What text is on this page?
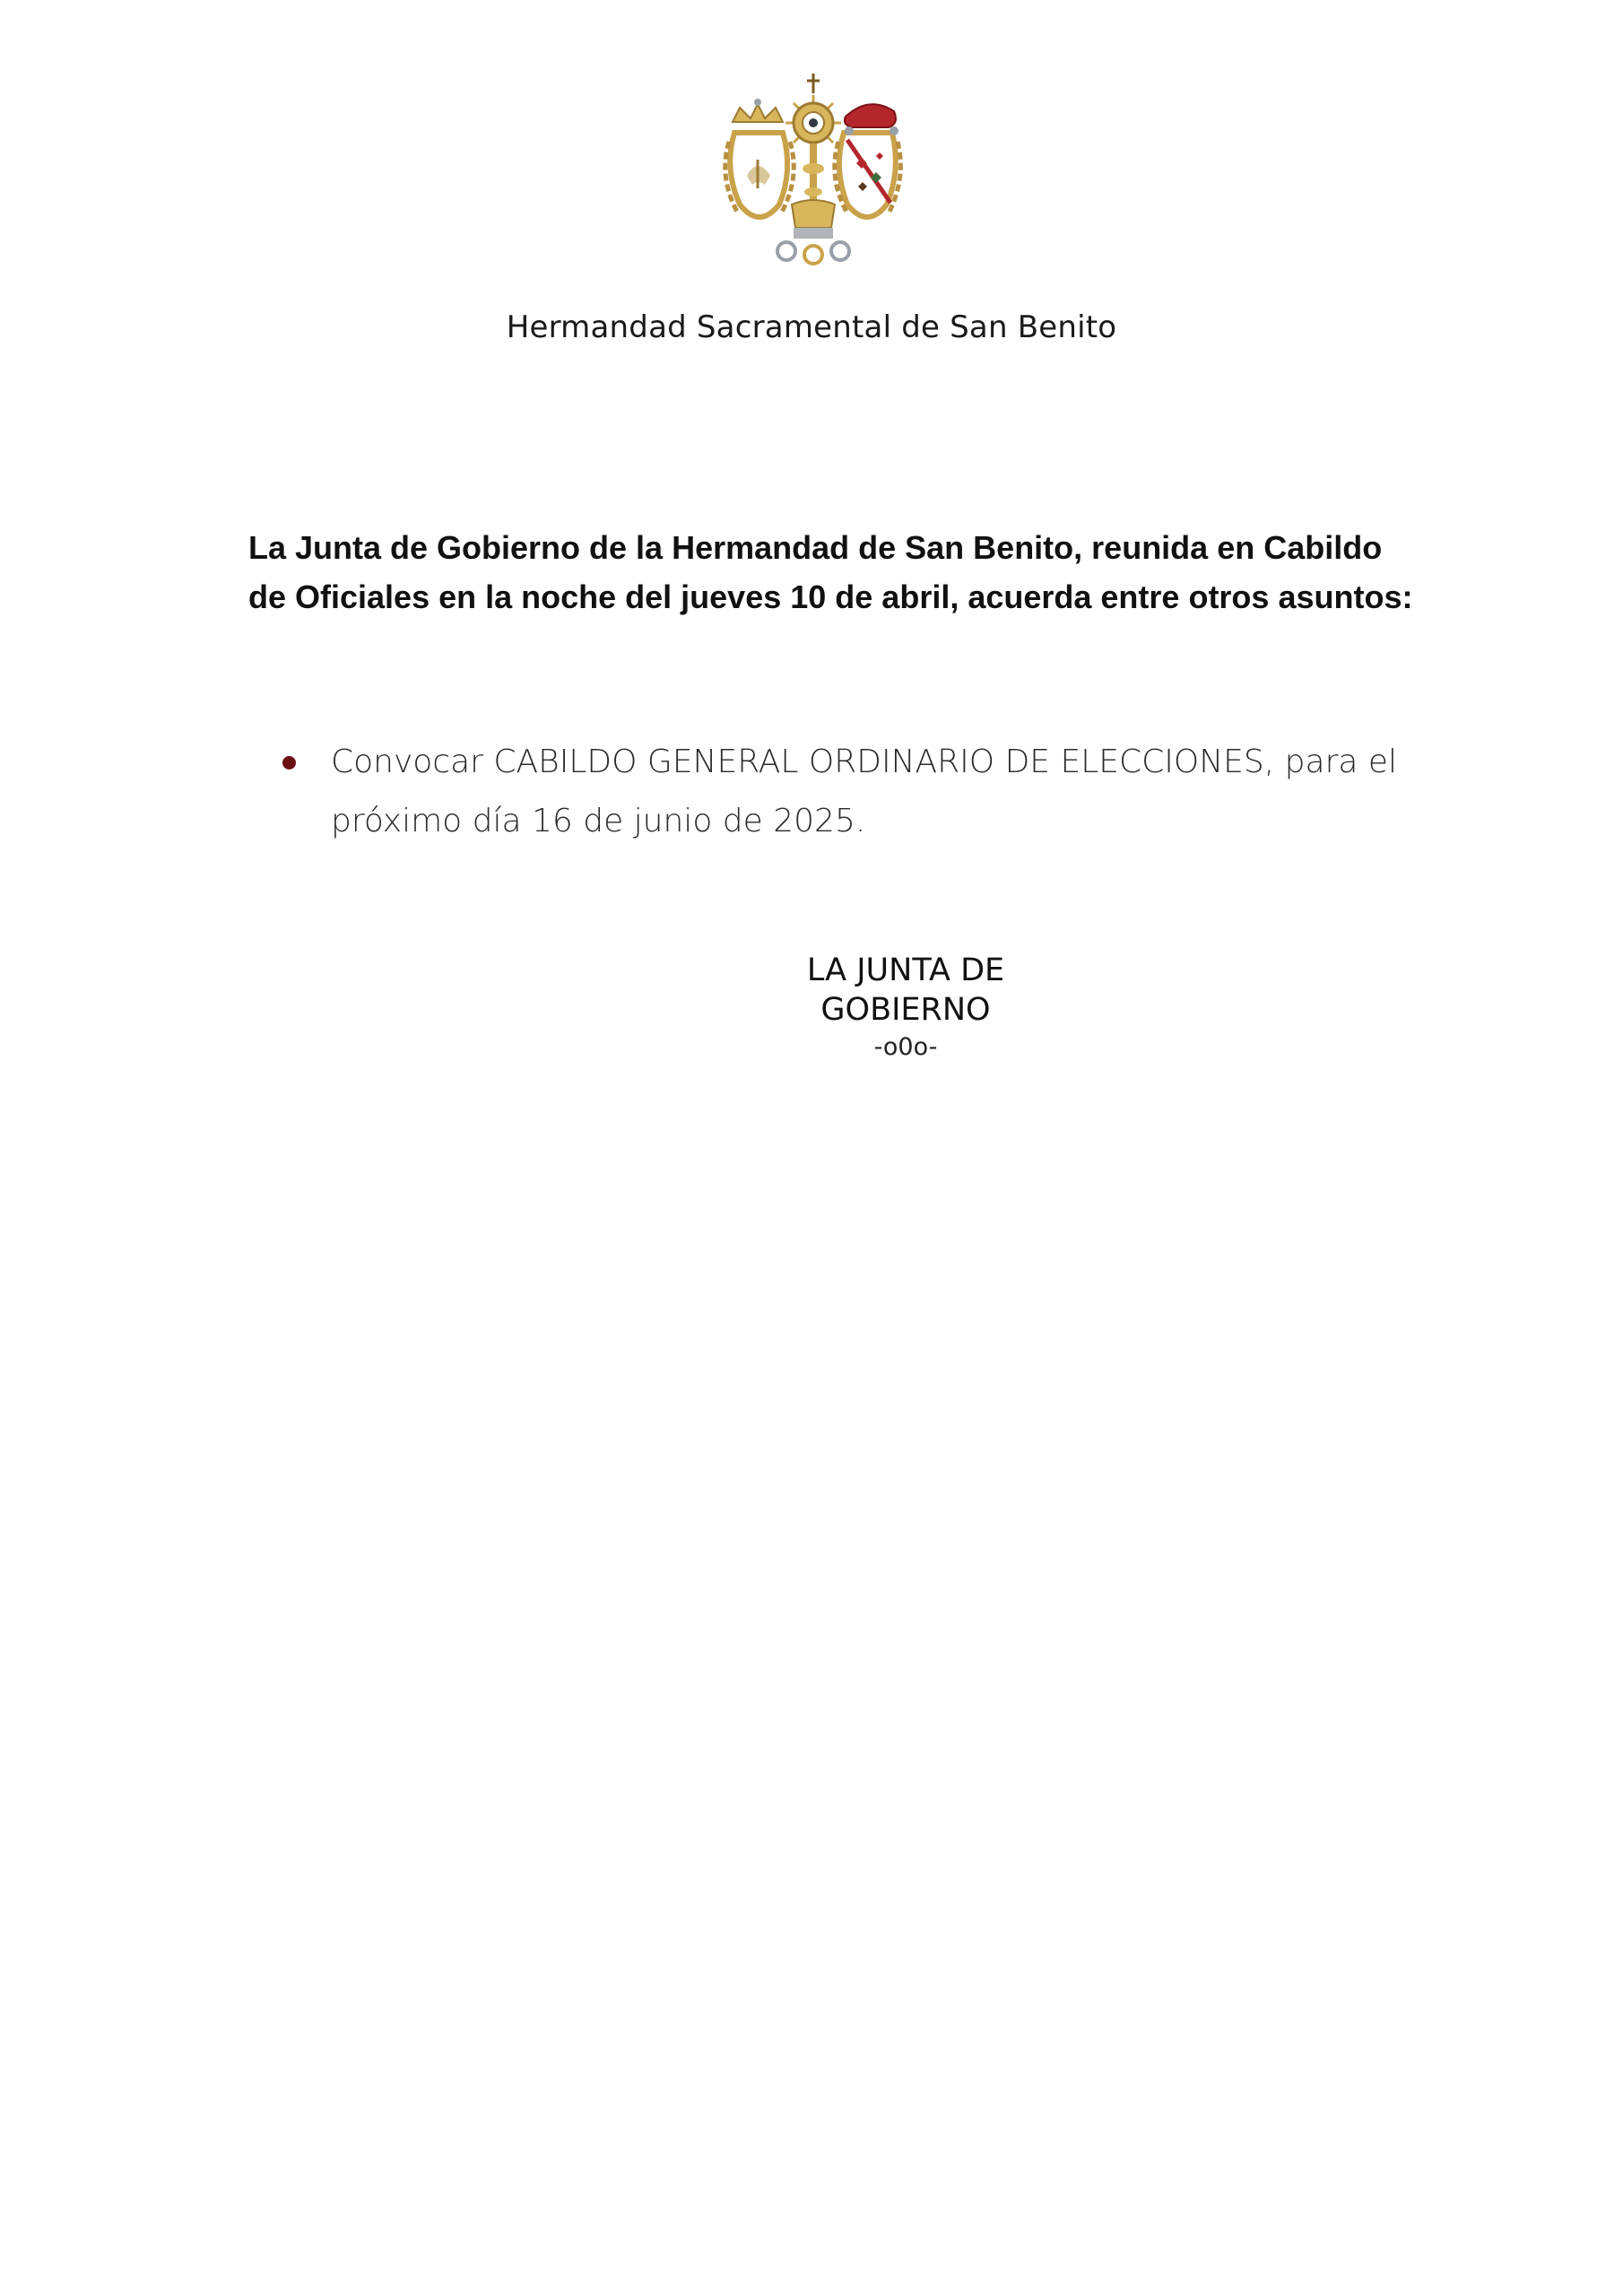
Hermandad Sacramental de San Benito

La Junta de Gobierno de la Hermandad de San Benito, reunida en Cabildo de Oficiales en la noche del jueves 10 de abril, acuerda entre otros asuntos:

Convocar CABILDO GENERAL ORDINARIO DE ELECCIONES, para el próximo día 16 de junio de 2025.
LA JUNTA DE GOBIERNO
-o0o-
